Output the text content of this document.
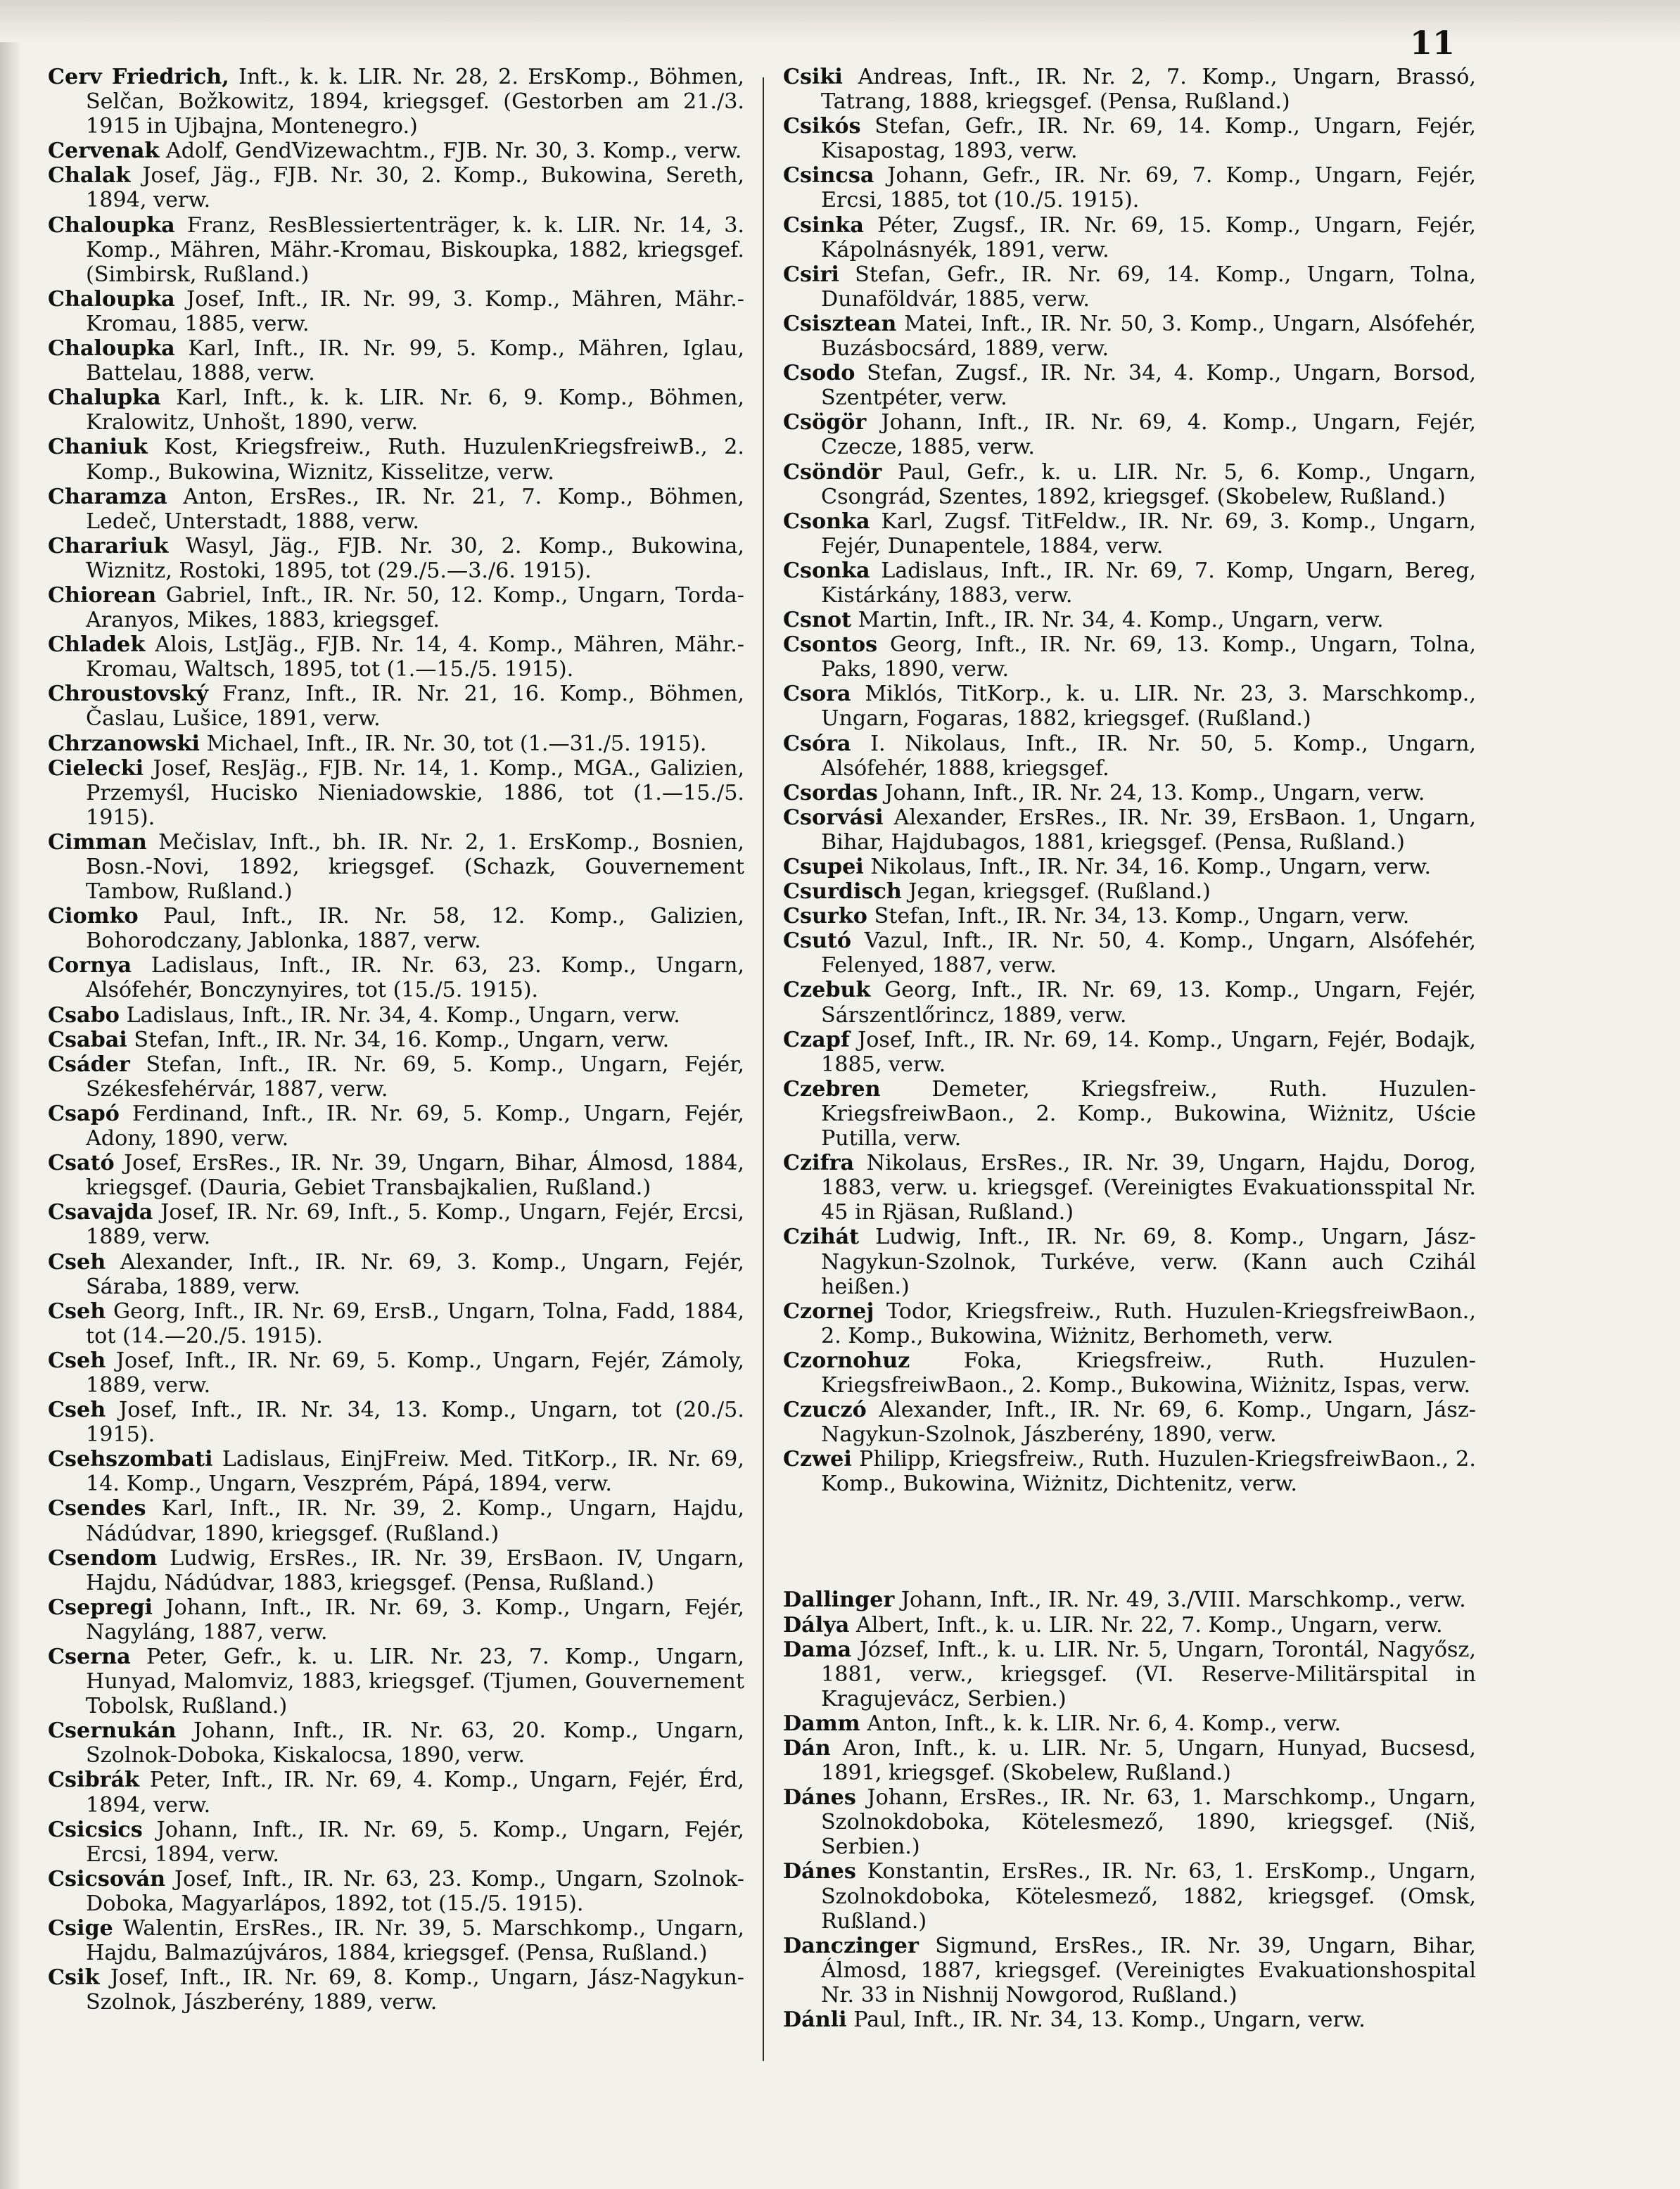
11

Cerv Friedrich, Inft., k. k. LIR. Nr. 28, 2. ErsKomp., Böhmen, Selčan, Božkowitz, 1894, kriegsgef. (Gestorben am 21./3. 1915 in Ujbajna, Montenegro.)

Cervenak Adolf, GendVizewachtm., FJB. Nr. 30, 3. Komp., verw.

Chalak Josef, Jäg., FJB. Nr. 30, 2. Komp., Bukowina, Sereth, 1894, verw.

Chaloupka Franz, ResBlessiertenträger, k. k. LIR. Nr. 14, 3. Komp., Mähren, Mähr.-Kromau, Biskoupka, 1882, kriegsgef. (Simbirsk, Rußland.)

Chaloupka Josef, Inft., IR. Nr. 99, 3. Komp., Mähren, Mähr.-Kromau, 1885, verw.

Chaloupka Karl, Inft., IR. Nr. 99, 5. Komp., Mähren, Iglau, Battelau, 1888, verw.

Chalupka Karl, Inft., k. k. LIR. Nr. 6, 9. Komp., Böhmen, Kralowitz, Unhošt, 1890, verw.

Chaniuk Kost, Kriegsfreiw., Ruth. HuzulenKriegsfreiwB., 2. Komp., Bukowina, Wiznitz, Kisselitze, verw.

Charamza Anton, ErsRes., IR. Nr. 21, 7. Komp., Böhmen, Ledeč, Unterstadt, 1888, verw.

Charariuk Wasyl, Jäg., FJB. Nr. 30, 2. Komp., Bukowina, Wiznitz, Rostoki, 1895, tot (29./5.—3./6. 1915).

Chiorean Gabriel, Inft., IR. Nr. 50, 12. Komp., Ungarn, Torda-Aranyos, Mikes, 1883, kriegsgef.

Chladek Alois, LstJäg., FJB. Nr. 14, 4. Komp., Mähren, Mähr.-Kromau, Waltsch, 1895, tot (1.—15./5. 1915).

Chroustovský Franz, Inft., IR. Nr. 21, 16. Komp., Böhmen, Časlau, Lušice, 1891, verw.

Chrzanowski Michael, Inft., IR. Nr. 30, tot (1.—31./5. 1915).

Cielecki Josef, ResJäg., FJB. Nr. 14, 1. Komp., MGA., Galizien, Przemyśl, Hucisko Nieniadowskie, 1886, tot (1.—15./5. 1915).

Cimman Mečislav, Inft., bh. IR. Nr. 2, 1. ErsKomp., Bosnien, Bosn.-Novi, 1892, kriegsgef. (Schazk, Gouvernement Tambow, Rußland.)

Ciomko Paul, Inft., IR. Nr. 58, 12. Komp., Galizien, Bohorodczany, Jablonka, 1887, verw.

Cornya Ladislaus, Inft., IR. Nr. 63, 23. Komp., Ungarn, Alsófehér, Bonczynyires, tot (15./5. 1915).

Csabo Ladislaus, Inft., IR. Nr. 34, 4. Komp., Ungarn, verw.

Csabai Stefan, Inft., IR. Nr. 34, 16. Komp., Ungarn, verw.

Csáder Stefan, Inft., IR. Nr. 69, 5. Komp., Ungarn, Fejér, Székesfehérvár, 1887, verw.

Csapó Ferdinand, Inft., IR. Nr. 69, 5. Komp., Ungarn, Fejér, Adony, 1890, verw.

Csató Josef, ErsRes., IR. Nr. 39, Ungarn, Bihar, Álmosd, 1884, kriegsgef. (Dauria, Gebiet Transbajkalien, Rußland.)

Csavajda Josef, IR. Nr. 69, Inft., 5. Komp., Ungarn, Fejér, Ercsi, 1889, verw.

Cseh Alexander, Inft., IR. Nr. 69, 3. Komp., Ungarn, Fejér, Sáraba, 1889, verw.

Cseh Georg, Inft., IR. Nr. 69, ErsB., Ungarn, Tolna, Fadd, 1884, tot (14.—20./5. 1915).

Cseh Josef, Inft., IR. Nr. 69, 5. Komp., Ungarn, Fejér, Zámoly, 1889, verw.

Cseh Josef, Inft., IR. Nr. 34, 13. Komp., Ungarn, tot (20./5. 1915).

Csehszombati Ladislaus, EinjFreiw. Med. TitKorp., IR. Nr. 69, 14. Komp., Ungarn, Veszprém, Pápá, 1894, verw.

Csendes Karl, Inft., IR. Nr. 39, 2. Komp., Ungarn, Hajdu, Nádúdvar, 1890, kriegsgef. (Rußland.)

Csendom Ludwig, ErsRes., IR. Nr. 39, ErsBaon. IV, Ungarn, Hajdu, Nádúdvar, 1883, kriegsgef. (Pensa, Rußland.)

Csepregi Johann, Inft., IR. Nr. 69, 3. Komp., Ungarn, Fejér, Nagyláng, 1887, verw.

Cserna Peter, Gefr., k. u. LIR. Nr. 23, 7. Komp., Ungarn, Hunyad, Malomviz, 1883, kriegsgef. (Tjumen, Gouvernement Tobolsk, Rußland.)

Csernukán Johann, Inft., IR. Nr. 63, 20. Komp., Ungarn, Szolnok-Doboka, Kiskalocsa, 1890, verw.

Csibrák Peter, Inft., IR. Nr. 69, 4. Komp., Ungarn, Fejér, Érd, 1894, verw.

Csicsics Johann, Inft., IR. Nr. 69, 5. Komp., Ungarn, Fejér, Ercsi, 1894, verw.

Csicsován Josef, Inft., IR. Nr. 63, 23. Komp., Ungarn, Szolnok-Doboka, Magyarlápos, 1892, tot (15./5. 1915).

Csige Walentin, ErsRes., IR. Nr. 39, 5. Marschkomp., Ungarn, Hajdu, Balmazújváros, 1884, kriegsgef. (Pensa, Rußland.)

Csik Josef, Inft., IR. Nr. 69, 8. Komp., Ungarn, Jász-Nagykun-Szolnok, Jászberény, 1889, verw.

Csiki Andreas, Inft., IR. Nr. 2, 7. Komp., Ungarn, Brassó, Tatrang, 1888, kriegsgef. (Pensa, Rußland.)

Csikós Stefan, Gefr., IR. Nr. 69, 14. Komp., Ungarn, Fejér, Kisapostag, 1893, verw.

Csincsa Johann, Gefr., IR. Nr. 69, 7. Komp., Ungarn, Fejér, Ercsi, 1885, tot (10./5. 1915).

Csinka Péter, Zugsf., IR. Nr. 69, 15. Komp., Ungarn, Fejér, Kápolnásnyék, 1891, verw.

Csiri Stefan, Gefr., IR. Nr. 69, 14. Komp., Ungarn, Tolna, Dunaföldvár, 1885, verw.

Csisztean Matei, Inft., IR. Nr. 50, 3. Komp., Ungarn, Alsófehér, Buzásbocsárd, 1889, verw.

Csodo Stefan, Zugsf., IR. Nr. 34, 4. Komp., Ungarn, Borsod, Szentpéter, verw.

Csögör Johann, Inft., IR. Nr. 69, 4. Komp., Ungarn, Fejér, Czecze, 1885, verw.

Csöndör Paul, Gefr., k. u. LIR. Nr. 5, 6. Komp., Ungarn, Csongrád, Szentes, 1892, kriegsgef. (Skobelew, Rußland.)

Csonka Karl, Zugsf. TitFeldw., IR. Nr. 69, 3. Komp., Ungarn, Fejér, Dunapentele, 1884, verw.

Csonka Ladislaus, Inft., IR. Nr. 69, 7. Komp, Ungarn, Bereg, Kistárkány, 1883, verw.

Csnot Martin, Inft., IR. Nr. 34, 4. Komp., Ungarn, verw.

Csontos Georg, Inft., IR. Nr. 69, 13. Komp., Ungarn, Tolna, Paks, 1890, verw.

Csora Miklós, TitKorp., k. u. LIR. Nr. 23, 3. Marschkomp., Ungarn, Fogaras, 1882, kriegsgef. (Rußland.)

Csóra I. Nikolaus, Inft., IR. Nr. 50, 5. Komp., Ungarn, Alsófehér, 1888, kriegsgef.

Csordas Johann, Inft., IR. Nr. 24, 13. Komp., Ungarn, verw.

Csorvási Alexander, ErsRes., IR. Nr. 39, ErsBaon. 1, Ungarn, Bihar, Hajdubagos, 1881, kriegsgef. (Pensa, Rußland.)

Csupei Nikolaus, Inft., IR. Nr. 34, 16. Komp., Ungarn, verw.

Csurdisch Jegan, kriegsgef. (Rußland.)

Csurko Stefan, Inft., IR. Nr. 34, 13. Komp., Ungarn, verw.

Csutó Vazul, Inft., IR. Nr. 50, 4. Komp., Ungarn, Alsófehér, Felenyed, 1887, verw.

Czebuk Georg, Inft., IR. Nr. 69, 13. Komp., Ungarn, Fejér, Sárszentlőrincz, 1889, verw.

Czapf Josef, Inft., IR. Nr. 69, 14. Komp., Ungarn, Fejér, Bodajk, 1885, verw.

Czebren Demeter, Kriegsfreiw., Ruth. Huzulen-KriegsfreiwBaon., 2. Komp., Bukowina, Wiżnitz, Uście Putilla, verw.

Czifra Nikolaus, ErsRes., IR. Nr. 39, Ungarn, Hajdu, Dorog, 1883, verw. u. kriegsgef. (Vereinigtes Evakuationsspital Nr. 45 in Rjäsan, Rußland.)

Czihát Ludwig, Inft., IR. Nr. 69, 8. Komp., Ungarn, Jász-Nagykun-Szolnok, Turkéve, verw. (Kann auch Czihál heißen.)

Czornej Todor, Kriegsfreiw., Ruth. Huzulen-KriegsfreiwBaon., 2. Komp., Bukowina, Wiżnitz, Berhometh, verw.

Czornohuz	Foka, Kriegsfreiw., Ruth. Huzulen-KriegsfreiwBaon., 2. Komp., Bukowina, Wiżnitz, Ispas, verw.

Czuczó Alexander, Inft., IR. Nr. 69, 6. Komp., Ungarn, Jász-Nagykun-Szolnok, Jászberény, 1890, verw.

Czwei Philipp, Kriegsfreiw., Ruth. Huzulen-KriegsfreiwBaon., 2. Komp., Bukowina, Wiżnitz, Dichtenitz, verw.

Dallinger Johann, Inft., IR. Nr. 49, 3./VIII. Marschkomp., verw.

Dályа Albert, Inft., k. u. LIR. Nr. 22, 7. Komp., Ungarn, verw.

Dama József, Inft., k. u. LIR. Nr. 5, Ungarn, Torontál, Nagyősz, 1881, verw., kriegsgef. (VI. Reserve-Militärspital in Kragujevácz, Serbien.)

Damm Anton, Inft., k. k. LIR. Nr. 6, 4. Komp., verw.

Dán Aron, Inft., k. u. LIR. Nr. 5, Ungarn, Hunyad, Bucsesd, 1891, kriegsgef. (Skobelew, Rußland.)

Dánes Johann, ErsRes., IR. Nr. 63, 1. Marschkomp., Ungarn, Szolnokdoboka, Kötelesmező, 1890, kriegsgef. (Niš, Serbien.)

Dánes Konstantin, ErsRes., IR. Nr. 63, 1. ErsKomp., Ungarn, Szolnokdoboka, Kötelesmező, 1882, kriegsgef. (Omsk, Rußland.)

Danczinger Sigmund, ErsRes., IR. Nr. 39, Ungarn, Bihar, Álmosd, 1887, kriegsgef. (Vereinigtes Evakuationshospital Nr. 33 in Nishnij Nowgorod, Rußland.)

Dánli Paul, Inft., IR. Nr. 34, 13. Komp., Ungarn, verw.
